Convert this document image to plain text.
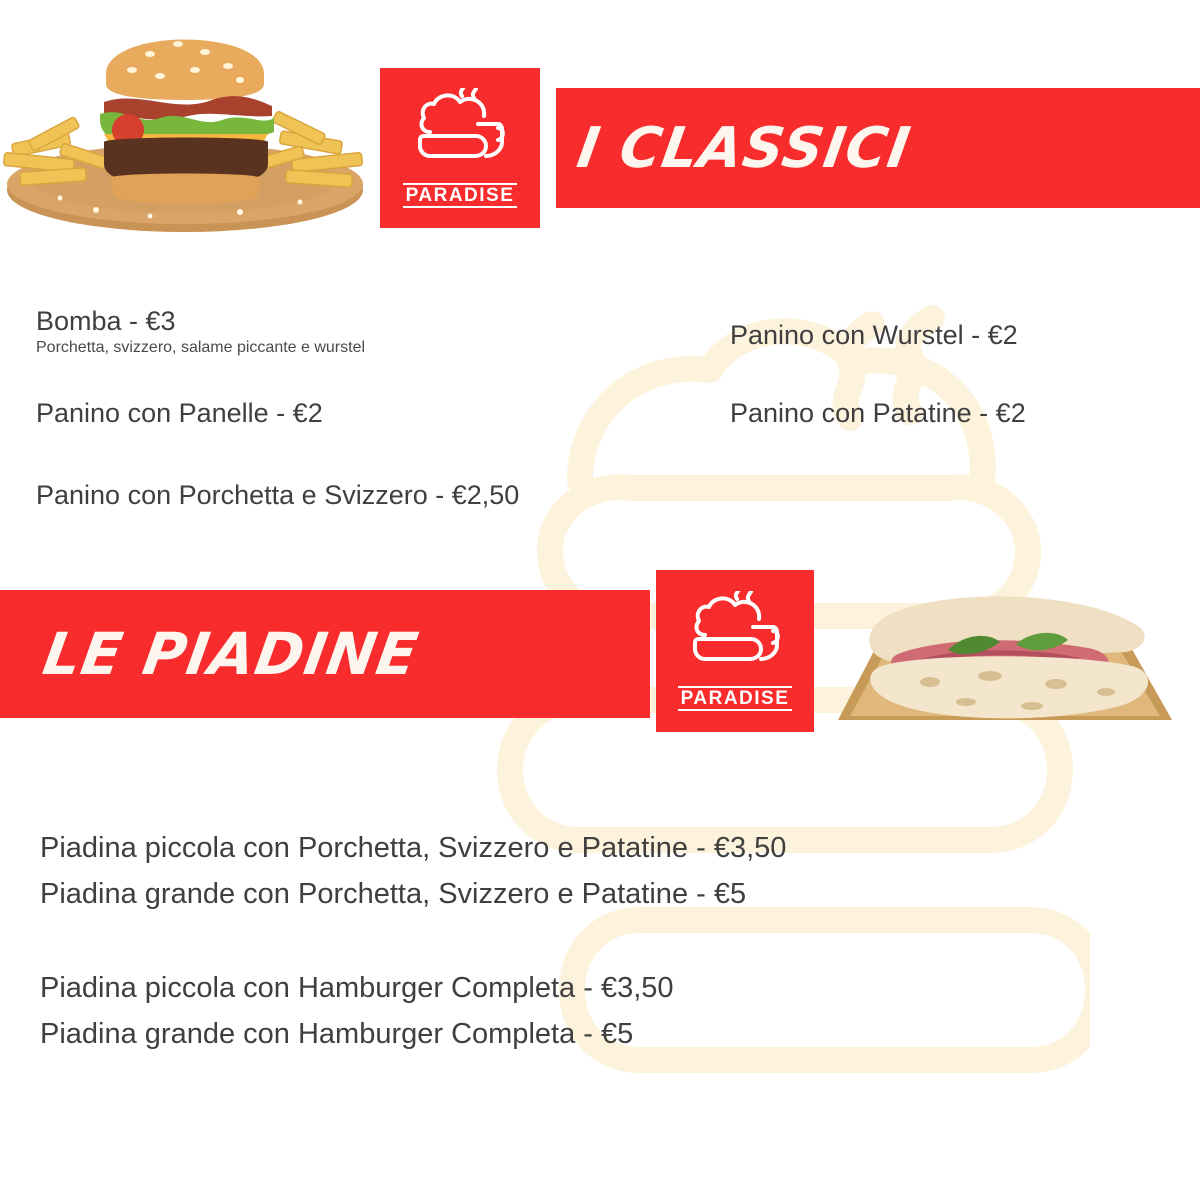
PARADISE
I CLASSICI
Bomba - €3
Porchetta, svizzero, salame piccante e wurstel
Panino con Panelle - €2
Panino con Porchetta e Svizzero - €2,50
Panino con Wurstel - €2
Panino con Patatine - €2
LE PIADINE
PARADISE
Piadina piccola con Porchetta, Svizzero e Patatine - €3,50
Piadina grande con Porchetta, Svizzero e Patatine - €5
Piadina piccola con Hamburger Completa - €3,50
Piadina grande con Hamburger Completa - €5
